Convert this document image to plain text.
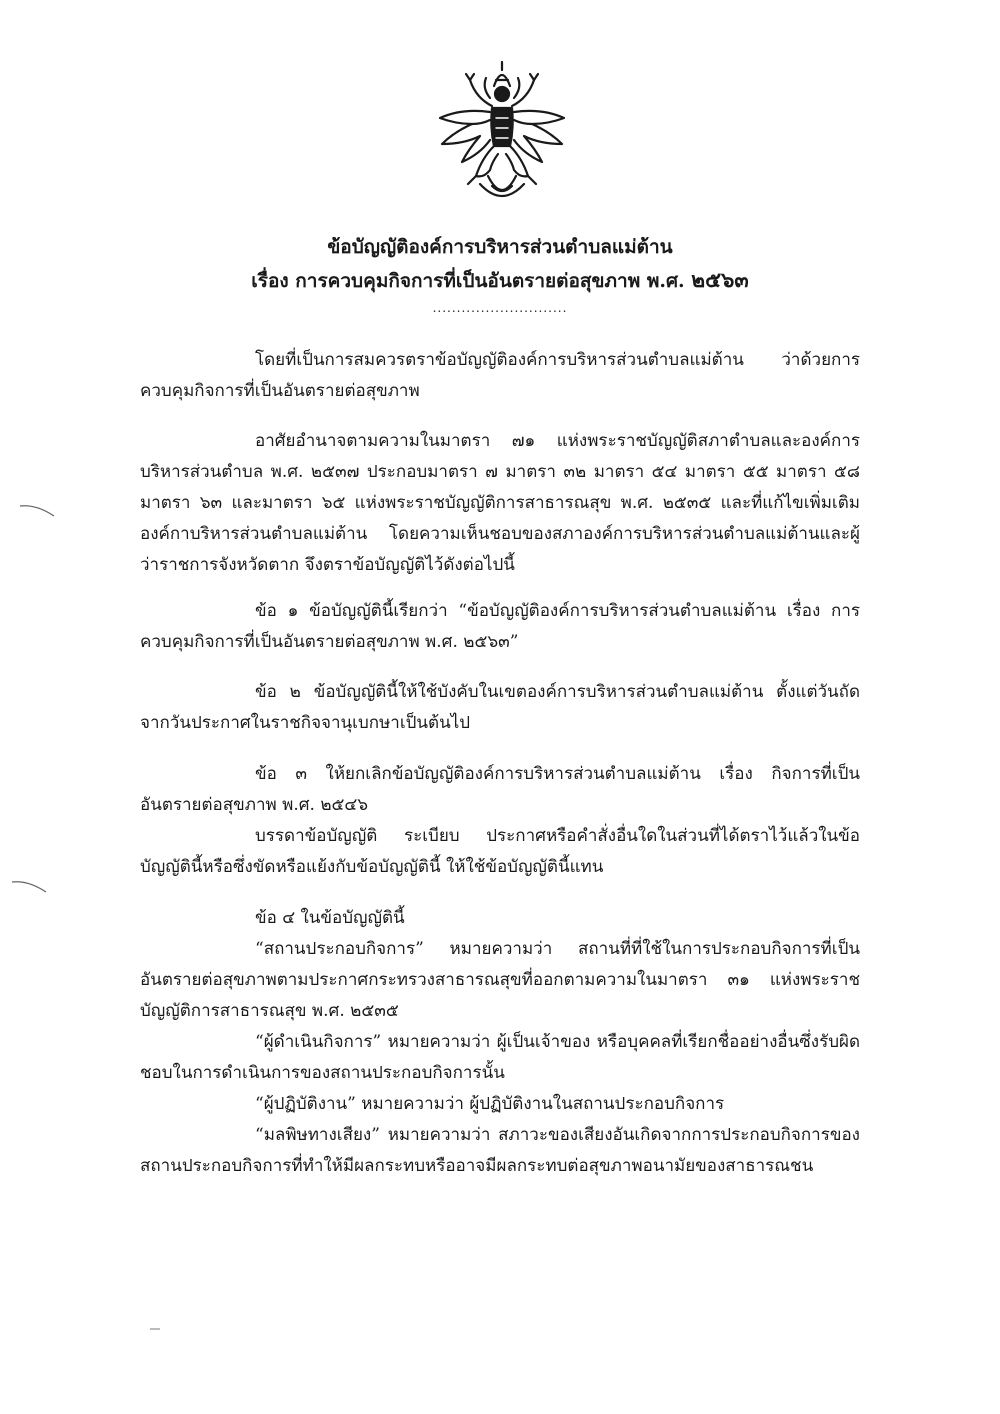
ข้อบัญญัติองค์การบริหารส่วนตำบลแม่ต้าน
เรื่อง การควบคุมกิจการที่เป็นอันตรายต่อสุขภาพ พ.ศ. ๒๕๖๓
............................

โดยที่เป็นการสมควรตราข้อบัญญัติองค์การบริหารส่วนตำบลแม่ต้าน ว่าด้วยการควบคุมกิจการที่เป็นอันตรายต่อสุขภาพ

อาศัยอำนาจตามความในมาตรา ๗๑ แห่งพระราชบัญญัติสภาตำบลและองค์การบริหารส่วนตำบล พ.ศ. ๒๕๓๗ ประกอบมาตรา ๗ มาตรา ๓๒ มาตรา ๕๔ มาตรา ๕๕ มาตรา ๕๘ มาตรา ๖๓ และมาตรา ๖๕ แห่งพระราชบัญญัติการสาธารณสุข พ.ศ. ๒๕๓๕ และที่แก้ไขเพิ่มเติม องค์กาบริหารส่วนตำบลแม่ต้าน โดยความเห็นชอบของสภาองค์การบริหารส่วนตำบลแม่ต้านและผู้ว่าราชการจังหวัดตาก จึงตราข้อบัญญัติไว้ดังต่อไปนี้

ข้อ ๑ ข้อบัญญัตินี้เรียกว่า “ข้อบัญญัติองค์การบริหารส่วนตำบลแม่ต้าน เรื่อง การควบคุมกิจการที่เป็นอันตรายต่อสุขภาพ พ.ศ. ๒๕๖๓”

ข้อ ๒ ข้อบัญญัตินี้ให้ใช้บังคับในเขตองค์การบริหารส่วนตำบลแม่ต้าน ตั้งแต่วันถัดจากวันประกาศในราชกิจจานุเบกษาเป็นต้นไป

ข้อ ๓ ให้ยกเลิกข้อบัญญัติองค์การบริหารส่วนตำบลแม่ต้าน เรื่อง กิจการที่เป็นอันตรายต่อสุขภาพ พ.ศ. ๒๕๔๖

บรรดาข้อบัญญัติ ระเบียบ ประกาศหรือคำสั่งอื่นใดในส่วนที่ได้ตราไว้แล้วในข้อบัญญัตินี้หรือซึ่งขัดหรือแย้งกับข้อบัญญัตินี้ ให้ใช้ข้อบัญญัตินี้แทน

ข้อ ๔ ในข้อบัญญัตินี้

“สถานประกอบกิจการ” หมายความว่า สถานที่ที่ใช้ในการประกอบกิจการที่เป็นอันตรายต่อสุขภาพตามประกาศกระทรวงสาธารณสุขที่ออกตามความในมาตรา ๓๑ แห่งพระราชบัญญัติการสาธารณสุข พ.ศ. ๒๕๓๕

“ผู้ดำเนินกิจการ” หมายความว่า ผู้เป็นเจ้าของ หรือบุคคลที่เรียกชื่ออย่างอื่นซึ่งรับผิดชอบในการดำเนินการของสถานประกอบกิจการนั้น

“ผู้ปฏิบัติงาน” หมายความว่า ผู้ปฏิบัติงานในสถานประกอบกิจการ

“มลพิษทางเสียง” หมายความว่า สภาวะของเสียงอันเกิดจากการประกอบกิจการของสถานประกอบกิจการที่ทำให้มีผลกระทบหรืออาจมีผลกระทบต่อสุขภาพอนามัยของสาธารณชน
